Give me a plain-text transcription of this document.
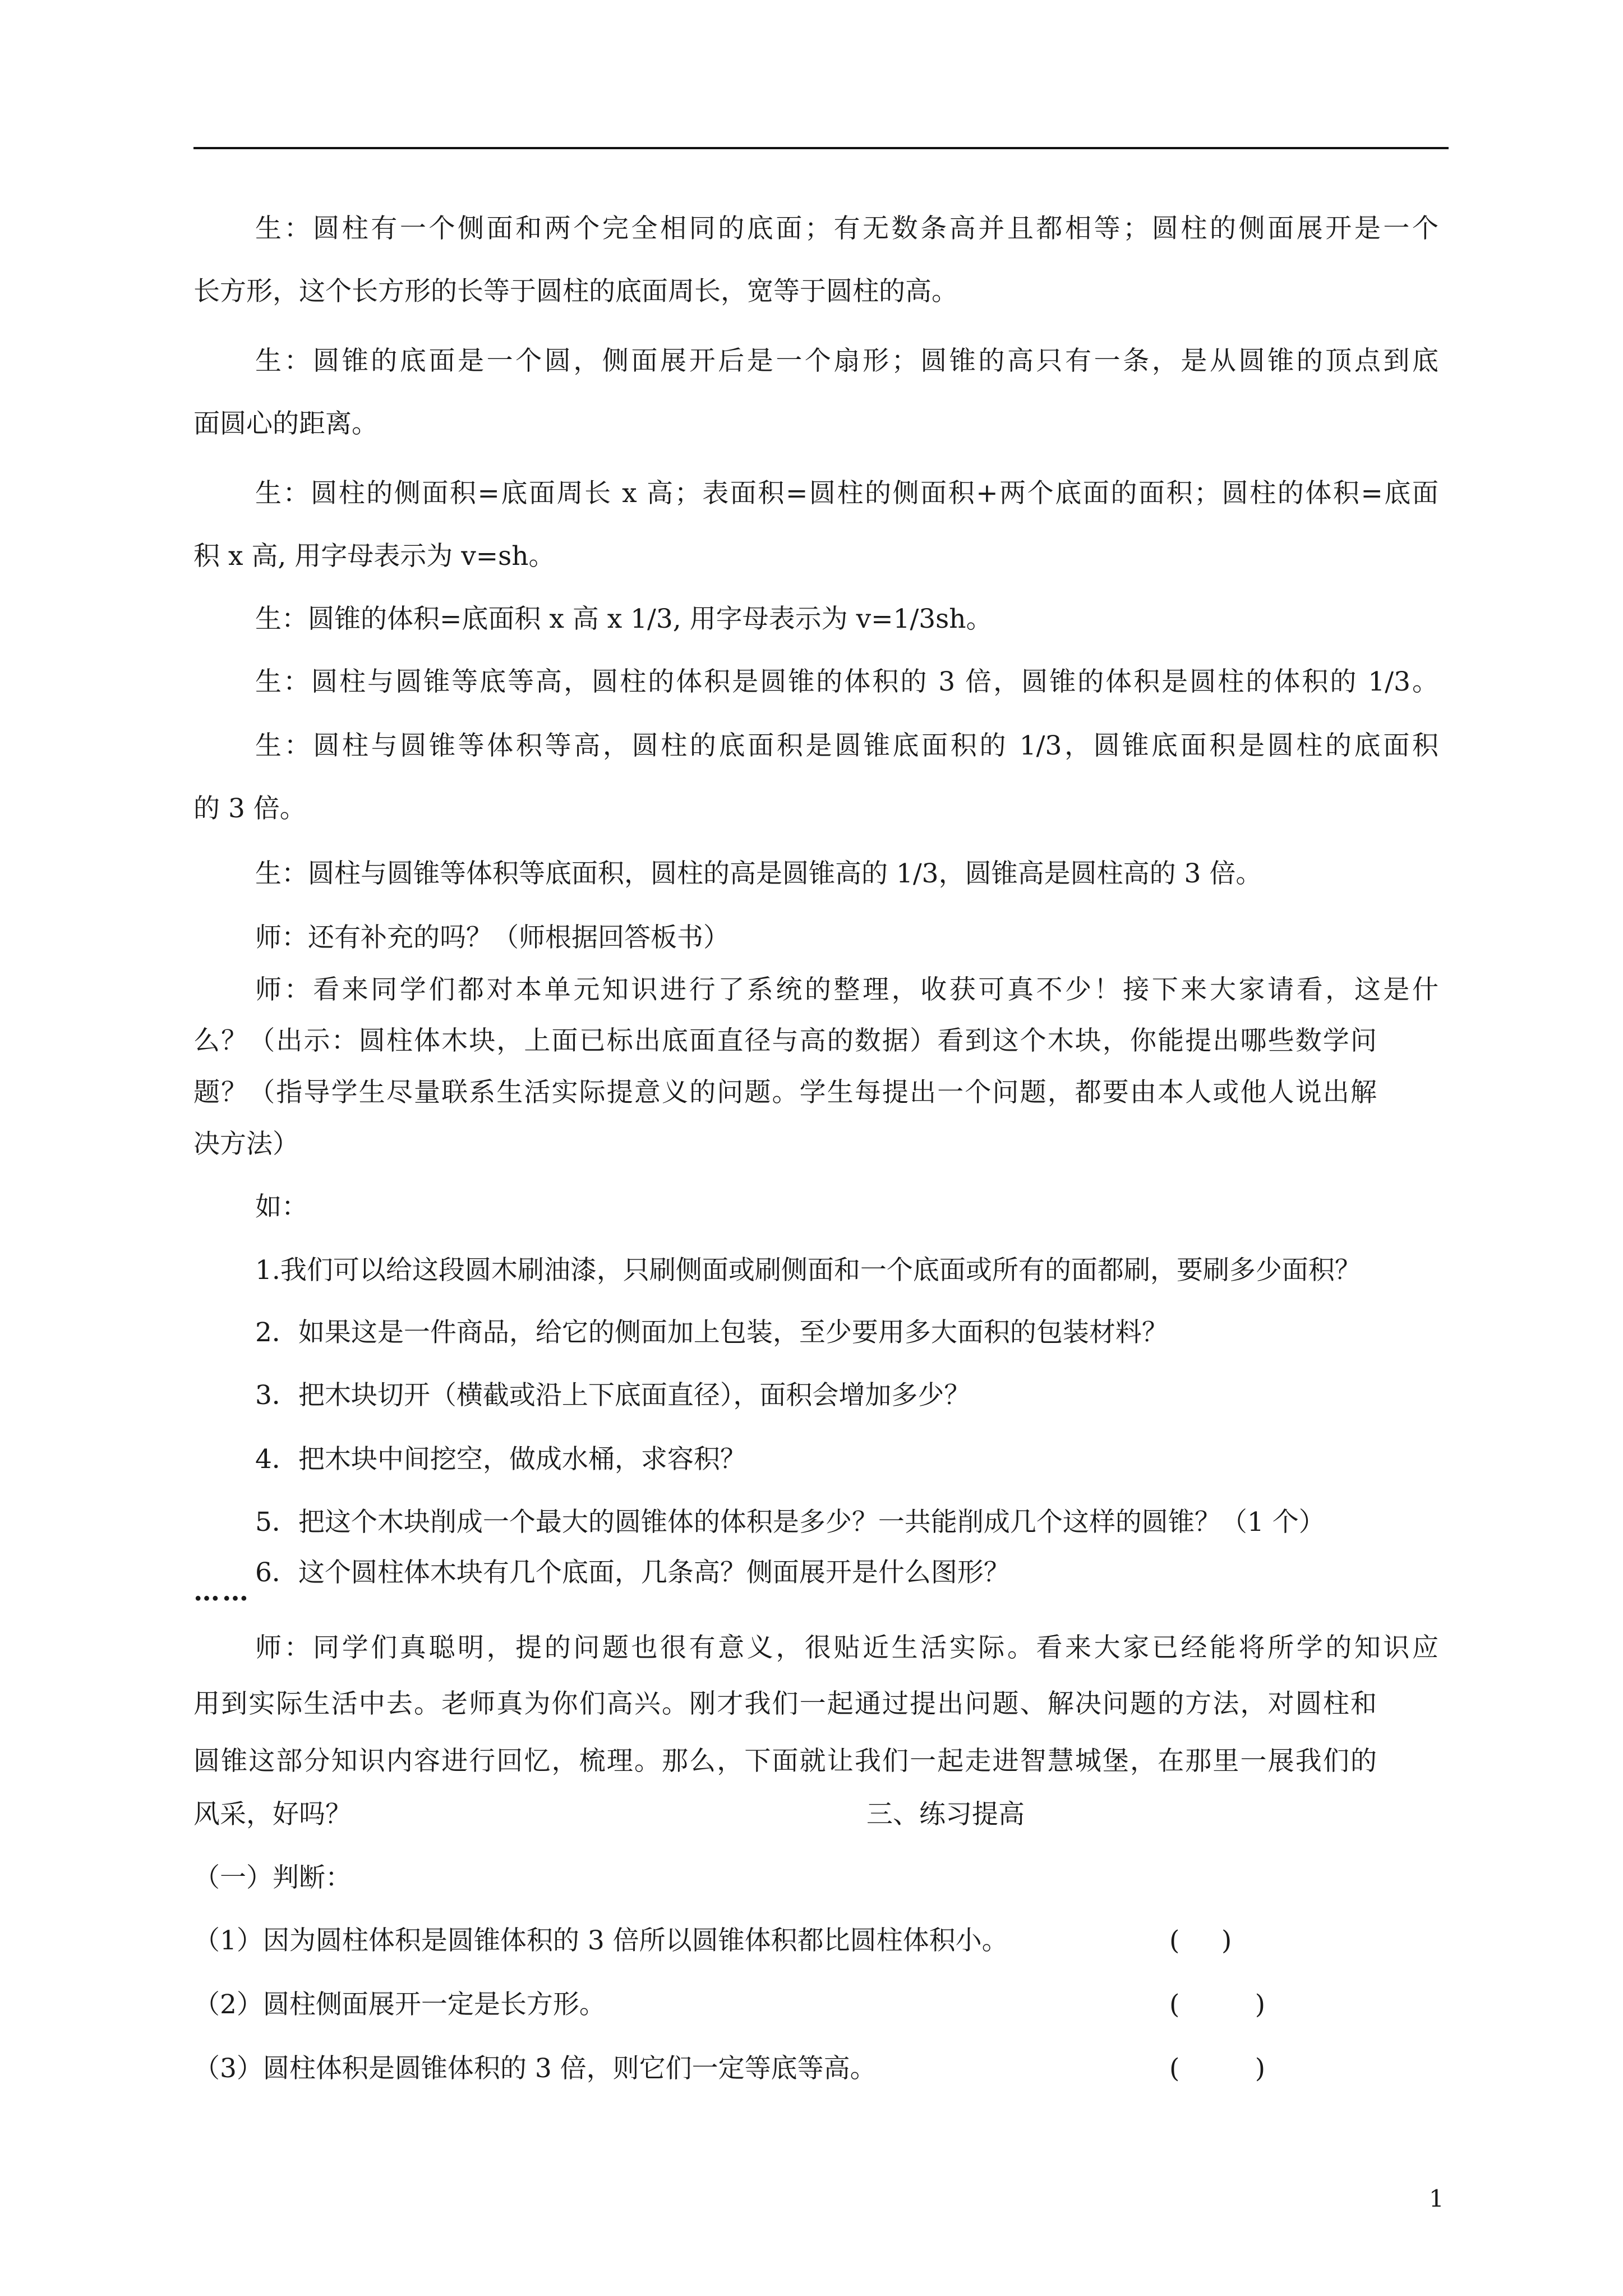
生：圆柱有一个侧面和两个完全相同的底面；有无数条高并且都相等；圆柱的侧面展开是一个

长方形，这个长方形的长等于圆柱的底面周长，宽等于圆柱的高。

生：圆锥的底面是一个圆，侧面展开后是一个扇形；圆锥的高只有一条，是从圆锥的顶点到底

面圆心的距离。

生：圆柱的侧面积=底面周长 x 高；表面积=圆柱的侧面积+两个底面的面积；圆柱的体积=底面

积 x 高, 用字母表示为 v=sh。

生：圆锥的体积=底面积 x 高 x 1/3, 用字母表示为 v=1/3sh。

生：圆柱与圆锥等底等高，圆柱的体积是圆锥的体积的 3 倍，圆锥的体积是圆柱的体积的 1/3。

生：圆柱与圆锥等体积等高，圆柱的底面积是圆锥底面积的 1/3，圆锥底面积是圆柱的底面积

的 3 倍。

生：圆柱与圆锥等体积等底面积，圆柱的高是圆锥高的 1/3，圆锥高是圆柱高的 3 倍。

师：还有补充的吗？（师根据回答板书）

师：看来同学们都对本单元知识进行了系统的整理，收获可真不少！接下来大家请看，这是什

么？（出示：圆柱体木块，上面已标出底面直径与高的数据）看到这个木块，你能提出哪些数学问

题？（指导学生尽量联系生活实际提意义的问题。学生每提出一个问题，都要由本人或他人说出解

决方法）

如：

1.我们可以给这段圆木刷油漆，只刷侧面或刷侧面和一个底面或所有的面都刷，要刷多少面积？

2．如果这是一件商品，给它的侧面加上包装，至少要用多大面积的包装材料？

3．把木块切开（横截或沿上下底面直径），面积会增加多少？

4．把木块中间挖空，做成水桶，求容积？

5．把这个木块削成一个最大的圆锥体的体积是多少？一共能削成几个这样的圆锥？（1 个）

6．这个圆柱体木块有几个底面，几条高？侧面展开是什么图形？

……

师：同学们真聪明，提的问题也很有意义，很贴近生活实际。看来大家已经能将所学的知识应

用到实际生活中去。老师真为你们高兴。刚才我们一起通过提出问题、解决问题的方法，对圆柱和

圆锥这部分知识内容进行回忆，梳理。那么，下面就让我们一起走进智慧城堡，在那里一展我们的

风采，好吗？	三、练习提高

（一）判断：

（1）因为圆柱体积是圆锥体积的 3 倍所以圆锥体积都比圆柱体积小。	(     )

（2）圆柱侧面展开一定是长方形。	(         )

（3）圆柱体积是圆锥体积的 3 倍，则它们一定等底等高。	(         )
1
